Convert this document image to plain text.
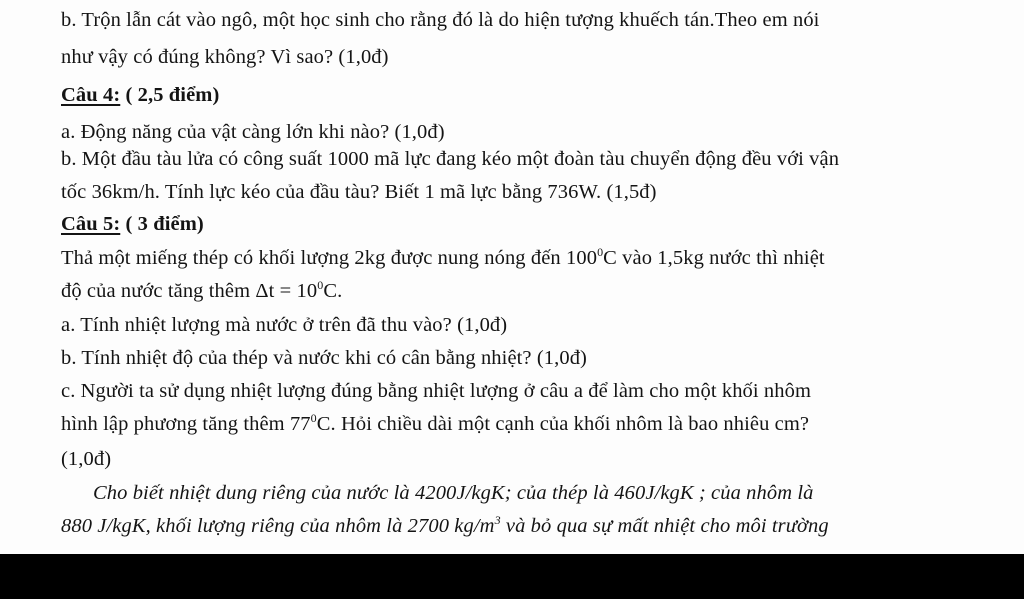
b. Trộn lẫn cát vào ngô, một học sinh cho rằng đó là do hiện tượng khuếch tán.Theo em nói
như vậy có đúng không? Vì sao? (1,0đ)
Câu 4: ( 2,5 điểm)
a. Động năng của vật càng lớn khi nào? (1,0đ)
b. Một đầu tàu lửa có công suất 1000 mã lực đang kéo một đoàn tàu chuyển động đều với vận
tốc 36km/h. Tính lực kéo của đầu tàu? Biết 1 mã lực bằng 736W. (1,5đ)
Câu 5: ( 3 điểm)
Thả một miếng thép có khối lượng 2kg được nung nóng đến $100^0C$ vào 1,5kg nước thì nhiệt
độ của nước tăng thêm $\Delta t = 10^0C$.
a. Tính nhiệt lượng mà nước ở trên đã thu vào? (1,0đ)
b. Tính nhiệt độ của thép và nước khi có cân bằng nhiệt? (1,0đ)
c. Người ta sử dụng nhiệt lượng đúng bằng nhiệt lượng ở câu a để làm cho một khối nhôm
hình lập phương tăng thêm $77^0C$. Hỏi chiều dài một cạnh của khối nhôm là bao nhiêu cm?
(1,0đ)
Cho biết nhiệt dung riêng của nước là 4200J/kgK; của thép là 460J/kgK ; của nhôm là
880 J/kgK, khối lượng riêng của nhôm là 2700 $kg/m^3$ và bỏ qua sự mất nhiệt cho môi trường
